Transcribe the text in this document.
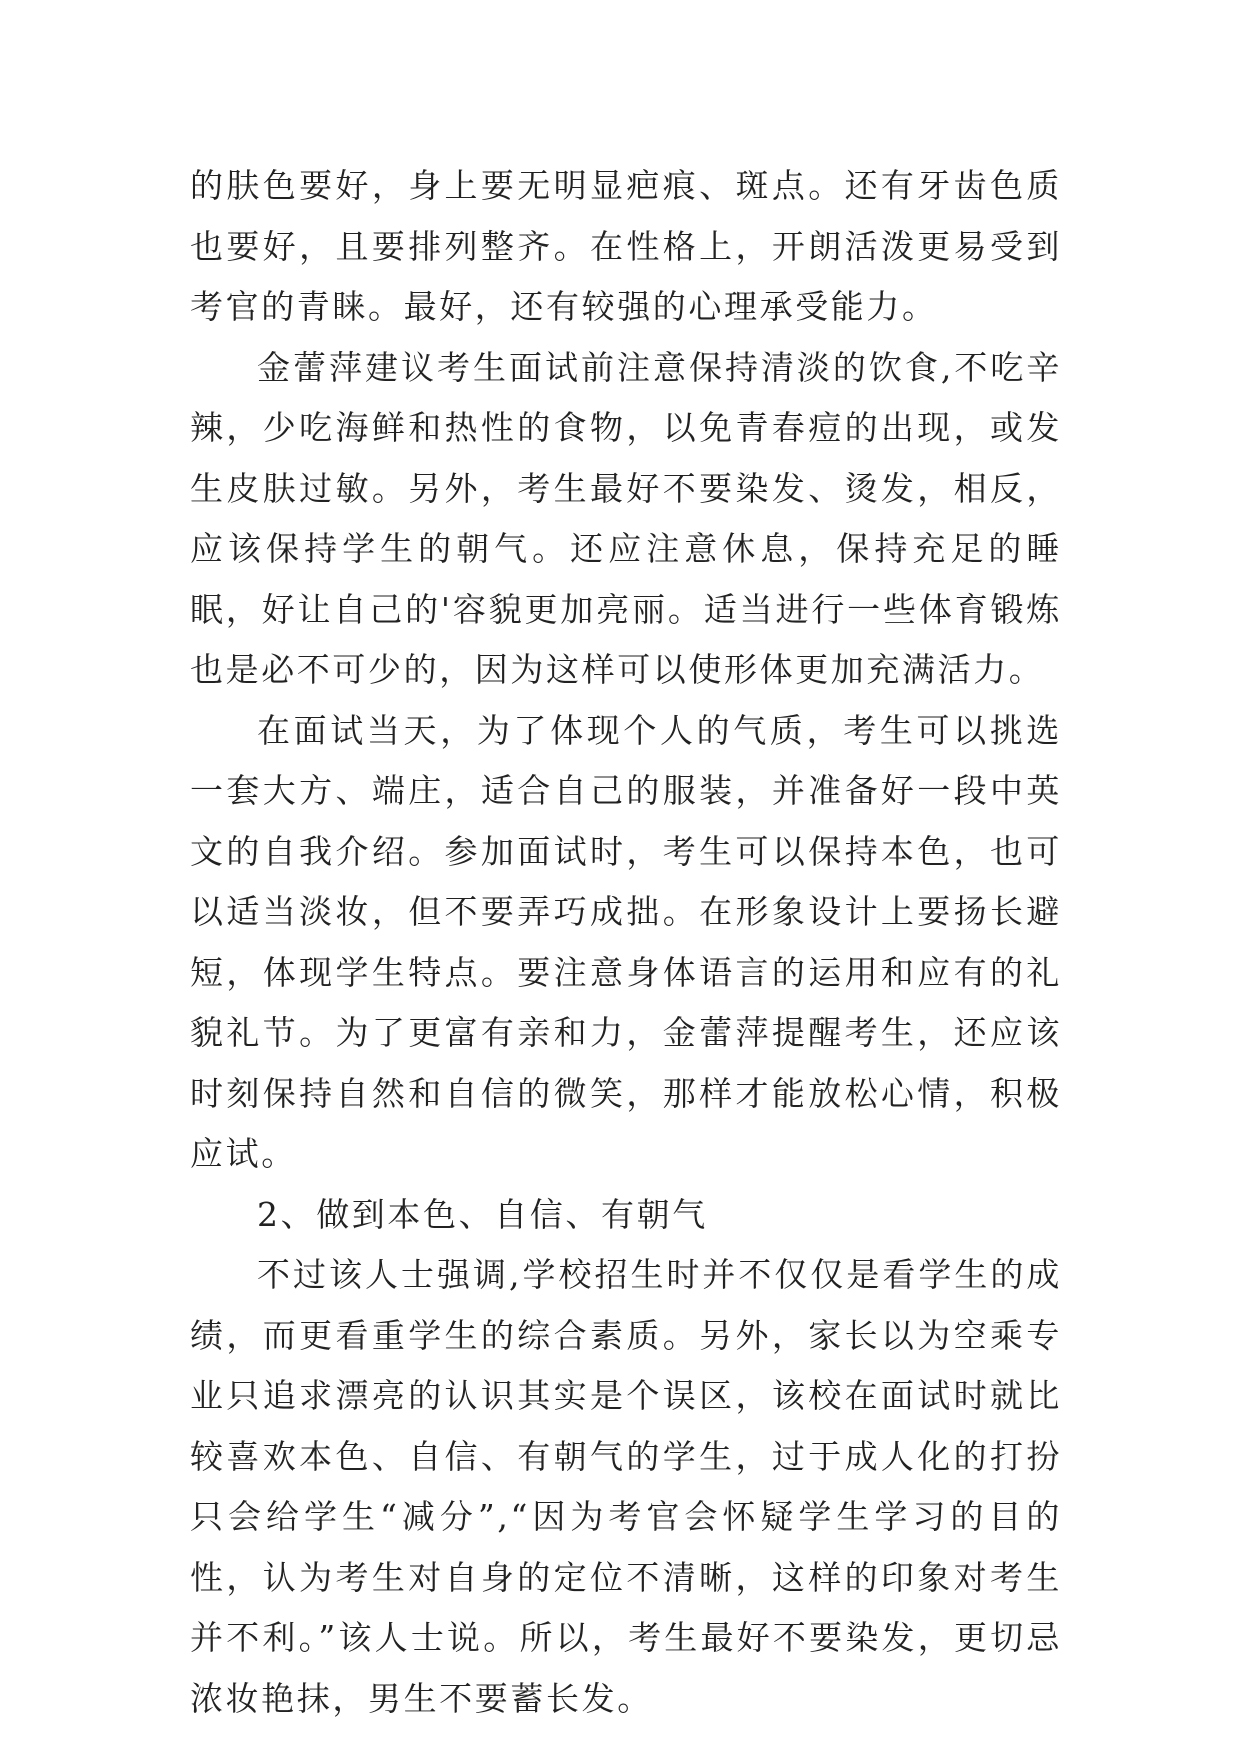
的肤色要好，身上要无明显疤痕、斑点。还有牙齿色质也要好，且要排列整齐。在性格上，开朗活泼更易受到考官的青睐。最好，还有较强的心理承受能力。

金蕾萍建议考生面试前注意保持清淡的饮食,不吃辛辣，少吃海鲜和热性的食物，以免青春痘的出现，或发生皮肤过敏。另外，考生最好不要染发、烫发，相反，应该保持学生的朝气。还应注意休息，保持充足的睡眠，好让自己的'容貌更加亮丽。适当进行一些体育锻炼也是必不可少的，因为这样可以使形体更加充满活力。

在面试当天，为了体现个人的气质，考生可以挑选一套大方、端庄，适合自己的服装，并准备好一段中英文的自我介绍。参加面试时，考生可以保持本色，也可以适当淡妆，但不要弄巧成拙。在形象设计上要扬长避短，体现学生特点。要注意身体语言的运用和应有的礼貌礼节。为了更富有亲和力，金蕾萍提醒考生，还应该时刻保持自然和自信的微笑，那样才能放松心情，积极应试。

2、做到本色、自信、有朝气

不过该人士强调,学校招生时并不仅仅是看学生的成绩，而更看重学生的综合素质。另外，家长以为空乘专业只追求漂亮的认识其实是个误区，该校在面试时就比较喜欢本色、自信、有朝气的学生，过于成人化的打扮只会给学生“减分”,“因为考官会怀疑学生学习的目的性，认为考生对自身的定位不清晰，这样的印象对考生并不利。”该人士说。所以，考生最好不要染发，更切忌浓妆艳抹，男生不要蓄长发。
